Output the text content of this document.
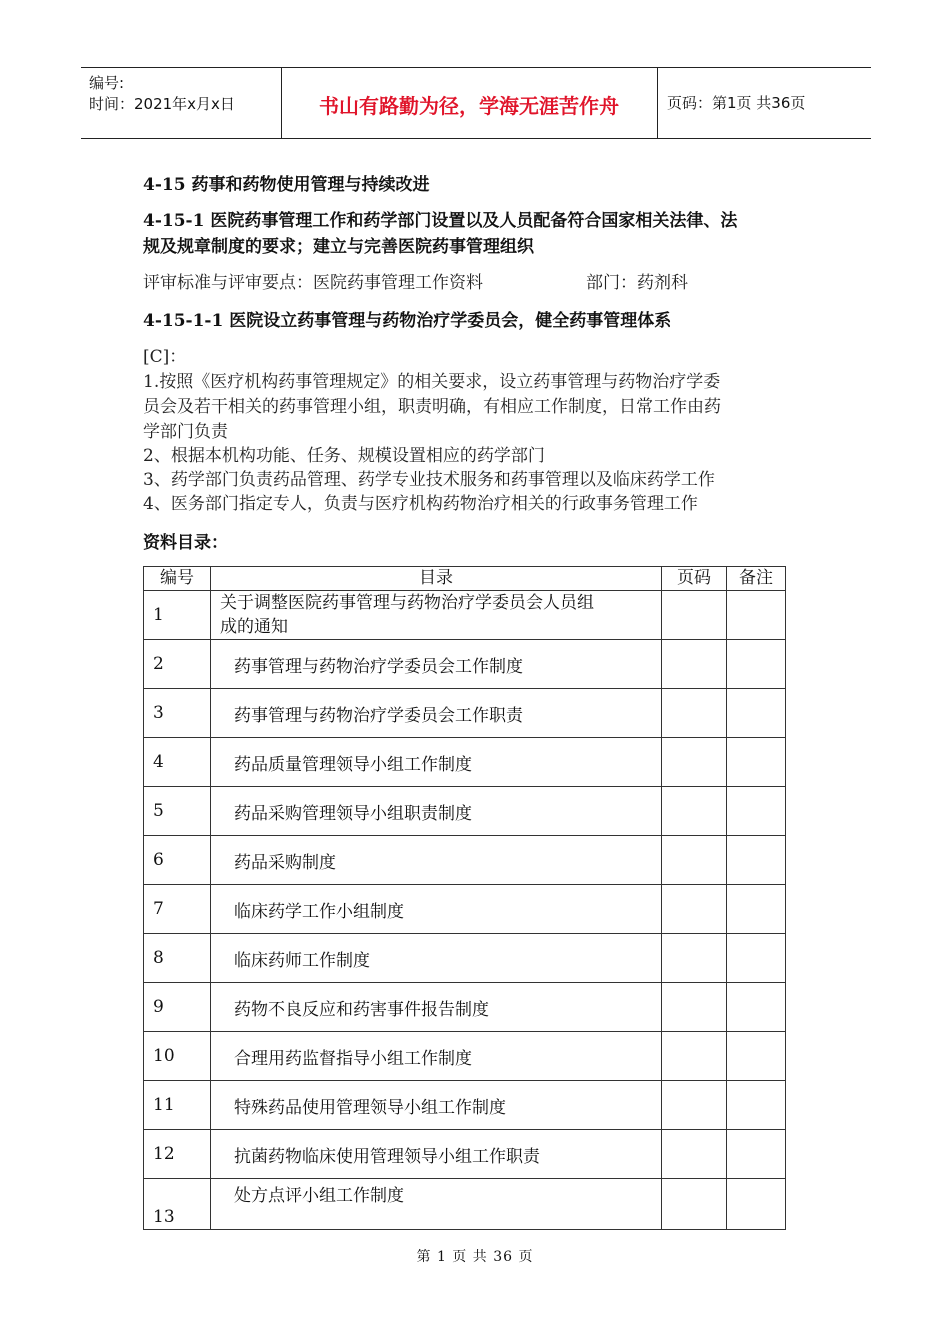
编号:
时间：2021年x月x日	书山有路勤为径，学海无涯苦作舟	页码：第1页 共36页
4-15 药事和药物使用管理与持续改进
4-15-1 医院药事管理工作和药学部门设置以及人员配备符合国家相关法律、法
规及规章制度的要求；建立与完善医院药事管理组织
评审标准与评审要点：医院药事管理工作资料	部门：药剂科
4-15-1-1 医院设立药事管理与药物治疗学委员会，健全药事管理体系
[C]：
1.按照《医疗机构药事管理规定》的相关要求，设立药事管理与药物治疗学委
员会及若干相关的药事管理小组，职责明确，有相应工作制度，日常工作由药
学部门负责
2、根据本机构功能、任务、规模设置相应的药学部门
3、药学部门负责药品管理、药学专业技术服务和药事管理以及临床药学工作
4、医务部门指定专人，负责与医疗机构药物治疗相关的行政事务管理工作
资料目录：
编号	目录	页码	备注
1	关于调整医院药事管理与药物治疗学委员会人员组
成的通知		

2	药事管理与药物治疗学委员会工作制度		
3	药事管理与药物治疗学委员会工作职责		
4	药品质量管理领导小组工作制度		
5	药品采购管理领导小组职责制度		
6	药品采购制度		
7	临床药学工作小组制度		
8	临床药师工作制度		
9	药物不良反应和药害事件报告制度		
10	合理用药监督指导小组工作制度		
11	特殊药品使用管理领导小组工作制度		
12	抗菌药物临床使用管理领导小组工作职责		
13	处方点评小组工作制度		
第 1 页 共 36 页
